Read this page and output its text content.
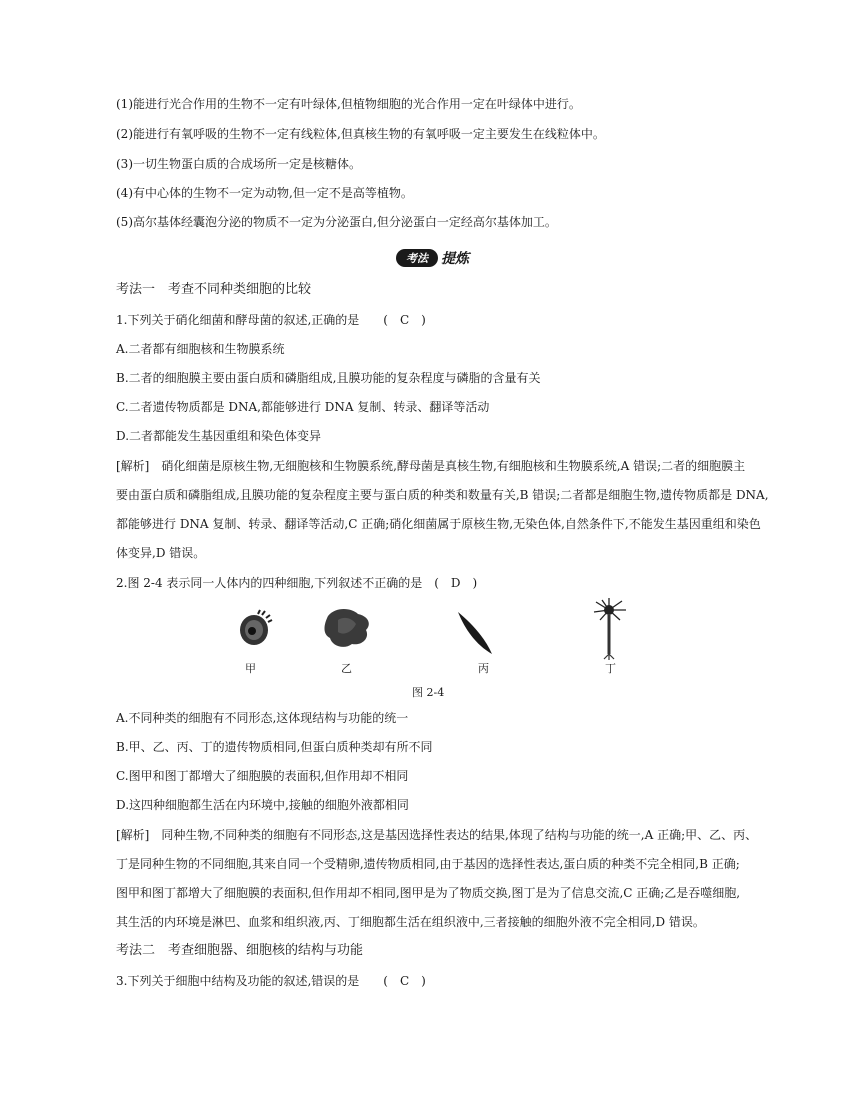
(1)能进行光合作用的生物不一定有叶绿体,但植物细胞的光合作用一定在叶绿体中进行。
(2)能进行有氧呼吸的生物不一定有线粒体,但真核生物的有氧呼吸一定主要发生在线粒体中。
(3)一切生物蛋白质的合成场所一定是核糖体。
(4)有中心体的生物不一定为动物,但一定不是高等植物。
(5)高尔基体经囊泡分泌的物质不一定为分泌蛋白,但分泌蛋白一定经高尔基体加工。
考法 提炼
考法一　考查不同种类细胞的比较
1.下列关于硝化细菌和酵母菌的叙述,正确的是　　(　C　)
A.二者都有细胞核和生物膜系统
B.二者的细胞膜主要由蛋白质和磷脂组成,且膜功能的复杂程度与磷脂的含量有关
C.二者遗传物质都是 DNA,都能够进行 DNA 复制、转录、翻译等活动
D.二者都能发生基因重组和染色体变异
[解析]　硝化细菌是原核生物,无细胞核和生物膜系统,酵母菌是真核生物,有细胞核和生物膜系统,A 错误;二者的细胞膜主
要由蛋白质和磷脂组成,且膜功能的复杂程度主要与蛋白质的种类和数量有关,B 错误;二者都是细胞生物,遗传物质都是 DNA,
都能够进行 DNA 复制、转录、翻译等活动,C 正确;硝化细菌属于原核生物,无染色体,自然条件下,不能发生基因重组和染色
体变异,D 错误。
2.图 2-4 表示同一人体内的四种细胞,下列叙述不正确的是　(　D　)
甲	乙	丙	丁
图 2-4
A.不同种类的细胞有不同形态,这体现结构与功能的统一
B.甲、乙、丙、丁的遗传物质相同,但蛋白质种类却有所不同
C.图甲和图丁都增大了细胞膜的表面积,但作用却不相同
D.这四种细胞都生活在内环境中,接触的细胞外液都相同
[解析]　同种生物,不同种类的细胞有不同形态,这是基因选择性表达的结果,体现了结构与功能的统一,A 正确;甲、乙、丙、
丁是同种生物的不同细胞,其来自同一个受精卵,遗传物质相同,由于基因的选择性表达,蛋白质的种类不完全相同,B 正确;
图甲和图丁都增大了细胞膜的表面积,但作用却不相同,图甲是为了物质交换,图丁是为了信息交流,C 正确;乙是吞噬细胞,
其生活的内环境是淋巴、血浆和组织液,丙、丁细胞都生活在组织液中,三者接触的细胞外液不完全相同,D 错误。
考法二　考查细胞器、细胞核的结构与功能
3.下列关于细胞中结构及功能的叙述,错误的是　　(　C　)
